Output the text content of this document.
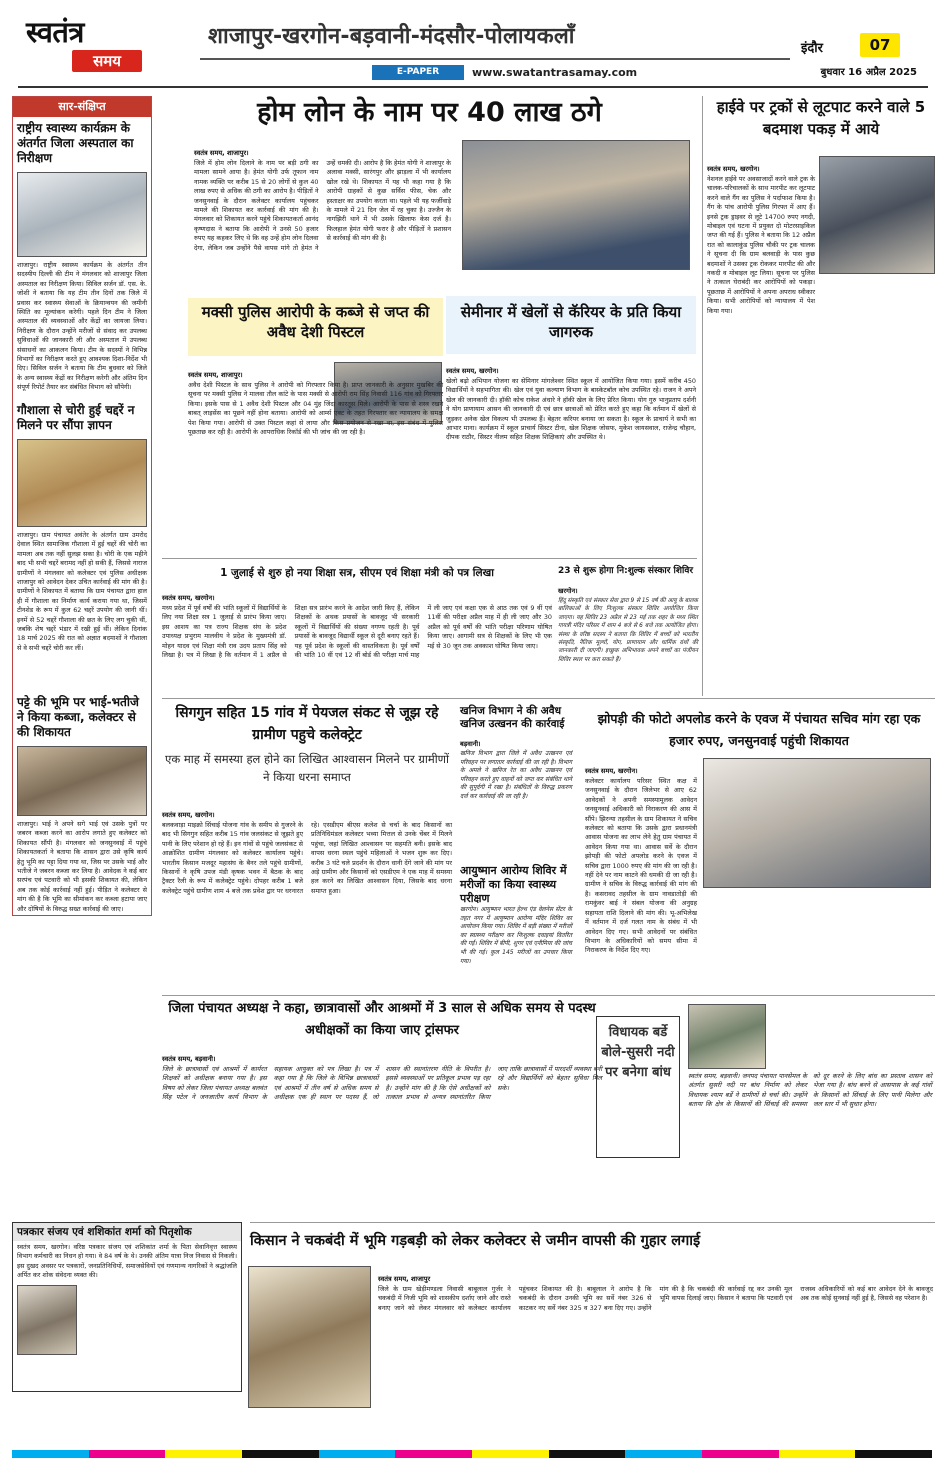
स्वतंत्र
समय
शाजापुर-खरगोन-बड़वानी-मंदसौर-पोलायकलाँ
E-PAPER	www.swatantrasamay.com
इंदौर	07
बुधवार 16 अप्रैल 2025
सार-संक्षिप्त
राष्ट्रीय स्वास्थ्य कार्यक्रम के अंतर्गत जिला अस्पताल का निरीक्षण
शाजापुर। राष्ट्रीय स्वास्थ्य कार्यक्रम के अंतर्गत तीन सदस्यीय दिल्ली की टीम ने मंगलवार को शाजापुर जिला अस्पताल का निरीक्षण किया। सिविल सर्जन डॉ. एस. के. जोशी ने बताया कि यह टीम तीन दिनों तक जिले में प्रवास कर स्वास्थ्य सेवाओं के क्रियान्वयन की जमीनी स्थिति का मूल्यांकन करेगी। पहले दिन टीम ने जिला अस्पताल की व्यवस्थाओं और केंद्रों का जायजा लिया। निरीक्षण के दौरान उन्होंने मरीजों से संवाद कर उपलब्ध सुविधाओं की जानकारी ली और अस्पताल में उपलब्ध संसाधनों का आकलन किया। टीम के सदस्यों ने विभिन्न विभागों का निरीक्षण करते हुए आवश्यक दिशा-निर्देश भी दिए। सिविल सर्जन ने बताया कि टीम बुधवार को जिले के अन्य स्वास्थ्य केंद्रों का निरीक्षण करेगी और अंतिम दिन संपूर्ण रिपोर्ट तैयार कर संबंधित विभाग को सौंपेगी।
गौशाला से चोरी हुई चद्दरें न मिलने पर सौंपा ज्ञापन
शाजापुर। ग्राम पंचायत अवंतेर के अंतर्गत ग्राम उमरोद देवाल स्थित सामाजिक गौशाला में हुई चद्दरें की चोरी का मामला अब तक नहीं सुलझ सका है। चोरी के एक महीने बाद भी सभी चद्दरें बरामद नहीं हो सकी हैं, जिससे नाराज ग्रामीणों ने मंगलवार को कलेक्टर एवं पुलिस अधीक्षक शाजापुर को आवेदन देकर उचित कार्रवाई की मांग की है। ग्रामीणों ने शिकायत में बताया कि ग्राम पंचायत द्वारा हाल ही में गौशाला का निर्माण कार्य कराया गया था, जिसमें टीनशेड के रूप में कुल 62 चद्दरें उपयोग की जानी थीं। इनमें से 52 चद्दरें गौशाला की छत के लिए लग चुकी थीं, जबकि शेष चद्दरें भंडार में रखी हुई थीं। लेकिन दिनांक 18 मार्च 2025 की रात को अज्ञात बदमाशों ने गौशाला से वे सभी चद्दरें चोरी कर लीं।
पट्टे की भूमि पर भाई-भतीजे ने किया कब्जा, कलेक्टर से की शिकायत
शाजापुर। भाई ने अपने सगे भाई एवं उसके पुत्रों पर जबरन कब्जा करने का आरोप लगाते हुए कलेक्टर को शिकायत सौंपी है। मंगलवार को जनसुनवाई में पहुंचे शिकायतकर्ता ने बताया कि शासन द्वारा उसे कृषि कार्य हेतु भूमि का पट्टा दिया गया था, जिस पर उसके भाई और भतीजे ने जबरन कब्जा कर लिया है। आवेदक ने कई बार सरपंच एवं पटवारी को भी इसकी शिकायत की, लेकिन अब तक कोई कार्रवाई नहीं हुई। पीड़ित ने कलेक्टर से मांग की है कि भूमि का सीमांकन कर कब्जा हटाया जाए और दोषियों के विरुद्ध सख्त कार्रवाई की जाए।
होम लोन के नाम पर 40 लाख ठगे
स्वतंत्र समय, शाजापुर।
जिले में होम लोन दिलाने के नाम पर बड़ी ठगी का मामला सामने आया है। हेमंत योगी उर्फ तूफान नाम नामक व्यक्ति पर करीब 15 से 20 लोगों से कुल 40 लाख रुपए से अधिक की ठगी का आरोप है। पीड़ितों ने जनसुनवाई के दौरान कलेक्टर कार्यालय पहुंचकर मामले की शिकायत कर कार्रवाई की मांग की है। मंगलवार को शिकायत करने पहुंचे शिकायतकर्ता आनंद कृष्णदास ने बताया कि आरोपी ने उनसे 50 हजार रुपए यह कहकर लिए थे कि वह उन्हें होम लोन दिलवा देगा, लेकिन जब उन्होंने पैसे वापस मांगे तो हेमंत ने उन्हें धमकी दी। आरोप है कि हेमंत योगी ने शाजापुर के अलावा मक्सी, सारंगपुर और झाड़ला में भी कार्यालय खोल रखे थे। शिकायत में यह भी कहा गया है कि आरोपी ग्राहकों से कुछ सर्विस फीस, चेक और हस्ताक्षर का उपयोग करता था। पहले भी यह फर्जीवाड़े के मामले में 21 दिन जेल में रह चुका है। उज्जैन के नागझिरी थाने में भी उसके खिलाफ केस दर्ज है। फिलहाल हेमंत योगी फरार है और पीड़ितों ने प्रशासन से कार्रवाई की मांग की है।
मक्सी पुलिस आरोपी के कब्जे से जप्त की अवैध देशी पिस्टल
स्वतंत्र समय, शाजापुर।
अवैध देशी पिस्टल के साथ पुलिस ने आरोपी को गिरफ्तार किया है। प्राप्त जानकारी के अनुसार मुखबिर की सूचना पर मक्सी पुलिस ने मालवा तौल कांटे के पास मक्सी से आरोपी राम सिंह निवासी 116 गांव को गिरफ्तार किया। इसके पास से 1 अवैध देशी पिस्टल और 04 मुंह जिंदा कारतूस मिले। आरोपी के पास से शस्त्र रखने बाबत् लाइसेंस का पूछने नहीं होना बताया। आरोपी को आर्म्स एक्ट के तहत गिरफ्तार कर न्यायालय के समक्ष पेश किया गया। आरोपी से उक्त पिस्टल कहां से लाया और किस प्रयोजन से रखा था, इस संबंध में पुलिस पूछताछ कर रही है। आरोपी के आपराधिक रिकॉर्ड की भी जांच की जा रही है।
सेमीनार में खेलों से कॅरियर के प्रति किया जागरुक
स्वतंत्र समय, खरगोन।
खेलो बढ़ो अभियान योजना का सेमिनार मांगलेश्वर स्थित स्कूल में आयोजित किया गया। इसमें करीब 450 विद्यार्थियों ने सहभागिता की। खेल एवं युवा कल्याण विभाग के बास्केटबॉल कोच उपस्थित रहे। राजन ने अपने खेल की जानकारी दी। हॉकी कोच राकेश अंधारे ने हॉकी खेल के लिए प्रेरित किया। योग गुरु भानुप्रताप दर्शनी ने योग प्राणायाम आसन की जानकारी दी एवं छात्र छात्राओं को प्रेरित करते हुए कहा कि वर्तमान में खेलों से जुड़कर अनेक खेल विकल्प भी उपलब्ध हैं। बेहतर करियर बनाया जा सकता है। स्कूल के प्राचार्य ने सभी का आभार माना। कार्यक्रम में स्कूल प्राचार्य सिस्टर टीना, खेल शिक्षक जोसफ, मुकेश जायसवाल, राजेन्द्र चौहान, दीपक राठौर, सिस्टर नीलम सहित शिक्षक शिक्षिकाएं और उपस्थित थे।
1 जुलाई से शुरु हो नया शिक्षा सत्र, सीएम एवं शिक्षा मंत्री को पत्र लिखा
स्वतंत्र समय, खरगोन।
मध्य प्रदेश में पूर्व वर्षों की भांति स्कूलों में विद्यार्थियों के लिए नया शिक्षा सत्र 1 जुलाई से प्रारंभ किया जाए। इस आशय का पत्र राज्य शिक्षक संघ के प्रदेश उपाध्यक्ष प्रभुराम मालवीय ने प्रदेश के मुख्यमंत्री डॉ. मोहन यादव एवं शिक्षा मंत्री राव उदय प्रताप सिंह को लिखा है। पत्र में लिखा है कि वर्तमान में 1 अप्रैल से शिक्षा सत्र प्रारंभ करने के आदेश जारी किए हैं, लेकिन शिक्षकों के अथक प्रयासों के बावजूद भी सरकारी स्कूलों में विद्यार्थियों की संख्या नगण्य रहती है। पूर्व प्रयासों के बावजूद विद्यार्थी स्कूल से दूरी बनाए रहते हैं। यह पूर्व प्रदेश के स्कूलों की वास्तविकता है। पूर्व वर्षों की भांति 10 वीं एवं 12 वीं बोर्ड की परीक्षा मार्च माह में ली जाए एवं कक्षा एक से आठ तक एवं 9 वीं एवं 11वीं की परीक्षा अप्रैल माह में ही ली जाए और 30 अप्रैल को पूर्व वर्षों की भांति परीक्षा परिणाम घोषित किया जाए। आगामी सत्र से शिक्षकों के लिए भी एक मई से 30 जून तक अवकाश घोषित किया जाए।
23 से शुरू होगा नि:शुल्क संस्कार शिविर
खरगोन।
हिंदू संस्कृति एवं संस्कार सेवा द्वारा 9 से 15 वर्ष की आयु के बालक बालिकाओं के लिए निःशुल्क संस्कार शिविर आयोजित किया जाएगा। यह शिविर 23 अप्रैल से 23 मई तक शहर के मध्य स्थित गायत्री मंदिर परिसर में शाम 4 बजे से 6 बजे तक आयोजित होगा। संस्था के वरिष्ठ सदस्य ने बताया कि शिविर में बच्चों को भारतीय संस्कृति, नैतिक मूल्यों, योग, प्राणायाम और धार्मिक ग्रंथों की जानकारी दी जाएगी। इच्छुक अभिभावक अपने बच्चों का पंजीयन शिविर स्थल पर करा सकते हैं।
सिगगुन सहित 15 गांव में पेयजल संकट से जूझ रहे ग्रामीण पहुचे कलेक्ट्रेट
एक माह में समस्या हल होने का लिखित आश्वासन मिलने पर ग्रामीणों ने किया धरना समाप्त
स्वतंत्र समय, खरगोन।
बलकवाड़ा माइक्रो सिंचाई योजना गांव के समीप से गुजरने के बाद भी सिगगुन सहित करीब 15 गांव जलसंकट से जूझते हुए पानी के लिए परेशान हो रहे हैं। इन गांवों से पहुंचे जलसंकट से आक्रोशित ग्रामीण मंगलवार को कलेक्टर कार्यालय पहुंचे। भारतीय किसान मजदूर महासंघ के बैनर तले पहुंचे ग्रामीणों, किसानों ने कृषि उपज मंडी कृषक भवन में बैठक के बाद ट्रैक्टर रैली के रूप में कलेक्ट्रेट पहुंचे। दोपहर करीब 1 बजे कलेक्ट्रेट पहुंचे ग्रामीण शाम 4 बजे तक प्रवेश द्वार पर धरनारत रहे। एसडीएम बीएस कलेश से चर्चा के बाद किसानों का प्रतिनिधिमंडल कलेक्टर भव्या मित्तल से उनके चेंबर में मिलने पहुंचा, जहां लिखित आश्वासन पर सहमति बनी। इसके बाद वापस धरना स्थल पहुंचे महिलाओं ने भजन शुरू कर दिए। करीब 3 घंटे चले प्रदर्शन के दौरान धानी देंगे जाने की मांग पर अड़े ग्रामीण और किसानों को एसडीएम ने एक माह में समस्या हल करने का लिखित आश्वासन दिया, जिसके बाद धरना समाप्त हुआ।
खनिज विभाग ने की अवैध खनिज उत्खनन की कार्रवाई
बड़वानी।
खनिज विभाग द्वारा जिले में अवैध उत्खनन एवं परिवहन पर लगातार कार्रवाई की जा रही है। विभाग के अमले ने खनिज रेत का अवैध उत्खनन एवं परिवहन करते हुए वाहनों को जप्त कर संबंधित थाने की सुपुर्दगी में रखा है। संबंधितों के विरुद्ध प्रकरण दर्ज कर कार्रवाई की जा रही है।
आयुष्मान आरोग्य शिविर में मरीजों का किया स्वास्थ्य परीक्षण
खरगोन। आयुष्मान भारत हेल्थ एंड वेलनेस सेंटर के तहत नगर में आयुष्मान आरोग्य मंदिर शिविर का आयोजन किया गया। शिविर में बड़ी संख्या में मरीजों का स्वास्थ्य परीक्षण कर निःशुल्क दवाइयां वितरित की गईं। शिविर में बीपी, शुगर एवं एनीमिया की जांच भी की गई। कुल 145 मरीजों का उपचार किया गया।
झोपड़ी की फोटो अपलोड करने के एवज में पंचायत सचिव मांग रहा एक हजार रुपए, जनसुनवाई पहुंची शिकायत
स्वतंत्र समय, खरगोन।
कलेक्टर कार्यालय परिसर स्थित कक्ष में जनसुनवाई के दौरान जिलेभर से आए 62 आवेदकों ने अपनी समस्यामूलक आवेदन जनसुनवाई अधिकारी को निराकरण की आस में सौंपे। झिरन्या तहसील के ग्राम शिकायत ने सचिव कलेक्टर को बताया कि उसके द्वारा प्रधानमंत्री आवास योजना का लाभ लेने हेतु ग्राम पंचायत में आवेदन किया गया था। आवास सर्वे के दौरान झोपड़ी की फोटो अपलोड करने के एवज में सचिव द्वारा 1000 रुपए की मांग की जा रही है। नहीं देने पर नाम काटने की धमकी दी जा रही है। ग्रामीण ने सचिव के विरुद्ध कार्रवाई की मांग की है। कसरावद तहसील के ग्राम नावडातोड़ी की रामकुंवर बाई ने संबल योजना की अनुग्रह सहायता राशि दिलाने की मांग की। भू-अभिलेख में वर्तमान में दर्ज गलत नाम के संबंध में भी आवेदन दिए गए। सभी आवेदनों पर संबंधित विभाग के अधिकारियों को समय सीमा में निराकरण के निर्देश दिए गए।
जिला पंचायत अध्यक्ष ने कहा, छात्रावासों और आश्रमों में 3 साल से अधिक समय से पदस्थ अधीक्षकों का किया जाए ट्रांसफर
स्वतंत्र समय, बड़वानी।
जिले के छात्रावासों एवं आश्रमों में कार्यरत शिक्षकों को अधीक्षक बनाया गया है। इस विषय को लेकर जिला पंचायत अध्यक्ष बलवंत सिंह पटेल ने जनजातीय कार्य विभाग के सहायक आयुक्त को पत्र लिखा है। पत्र में कहा गया है कि जिले के विभिन्न छात्रावासों एवं आश्रमों में तीन वर्ष से अधिक समय से अधीक्षक एक ही स्थान पर पदस्थ हैं, जो शासन की स्थानांतरण नीति के विपरीत है। इससे व्यवस्थाओं पर प्रतिकूल प्रभाव पड़ रहा है। उन्होंने मांग की है कि ऐसे अधीक्षकों को तत्काल प्रभाव से अन्यत्र स्थानांतरित किया जाए ताकि छात्रावासों में पारदर्शी व्यवस्था बनी रहे और विद्यार्थियों को बेहतर सुविधा मिल सके।
विधायक बर्डे बोले-सुसरी नदी पर बनेगा बांध	स्वतंत्र समय, बड़वानी। जनपद पंचायत पानसेमल के अंतर्गत सुसरी नदी पर बांध निर्माण को लेकर विधायक श्याम बर्डे ने ग्रामीणों से चर्चा की। उन्होंने बताया कि क्षेत्र के किसानों की सिंचाई की समस्या को दूर करने के लिए बांध का प्रस्ताव शासन को भेजा गया है। बांध बनने से आसपास के कई गांवों के किसानों को सिंचाई के लिए पानी मिलेगा और जल स्तर में भी सुधार होगा।
पत्रकार संजय एवं शशिकांत शर्मा को पितृशोक
स्वतंत्र समय, खरगोन। वरिष्ठ पत्रकार संजय एवं शशिकांत शर्मा के पिता सेवानिवृत्त स्वास्थ्य विभाग कर्मचारी का निधन हो गया। वे 84 वर्ष के थे। उनकी अंतिम यात्रा निज निवास से निकली। इस दुखद अवसर पर पत्रकारों, जनप्रतिनिधियों, समाजसेवियों एवं गणमान्य नागरिकों ने श्रद्धांजलि अर्पित कर शोक संवेदना व्यक्त की।
किसान ने चकबंदी में भूमि गड़बड़ी को लेकर कलेक्टर से जमीन वापसी की गुहार लगाई
स्वतंत्र समय, शाजापुर
जिले के ग्राम खेड़ीमण्डला निवासी बाबूलाल गुर्जर ने चकबंदी में निजी भूमि को शासकीय दर्शाए जाने और रास्ते बनाए जाने को लेकर मंगलवार को कलेक्टर कार्यालय पहुंचकर शिकायत की है। बाबूलाल ने आरोप है कि चकबंदी के दौरान उनकी भूमि का सर्वे नंबर 326 से काटकर नए सर्वे नंबर 325 व 327 बना दिए गए। उन्होंने मांग की है कि चकबंदी की कार्रवाई रद्द कर उनकी मूल भूमि वापस दिलाई जाए। किसान ने बताया कि पटवारी एवं राजस्व अधिकारियों को कई बार आवेदन देने के बावजूद अब तक कोई सुनवाई नहीं हुई है, जिससे वह परेशान है।
हाईवे पर ट्रकों से लूटपाट करने वाले 5 बदमाश पकड़ में आये
स्वतंत्र समय, खरगोन।
नेशनल हाईवे पर अवसाजादों करने वाले ट्रक के चालक-परिचालकों के साथ मारपीट कर लूटपाट करने वाले गैंग का पुलिस ने पर्दाफाश किया है। गैंग के पांच आरोपी पुलिस गिरफ्त में आए हैं। इनसे ट्रक ड्राइवर से लूटे 14700 रुपए नगदी, मोबाइल एवं घटना में प्रयुक्त दो मोटरसाइकिल जप्त की गई हैं। पुलिस ने बताया कि 12 अप्रैल रात को कालाकुंड पुलिस चौकी पर ट्रक चालक ने सूचना दी कि ग्राम बलवाड़ी के पास कुछ बदमाशों ने उसका ट्रक रोककर मारपीट की और नकदी व मोबाइल लूट लिया। सूचना पर पुलिस ने तत्काल घेराबंदी कर आरोपियों को पकड़ा। पूछताछ में आरोपियों ने अपना अपराध स्वीकार किया। सभी आरोपियों को न्यायालय में पेश किया गया।
